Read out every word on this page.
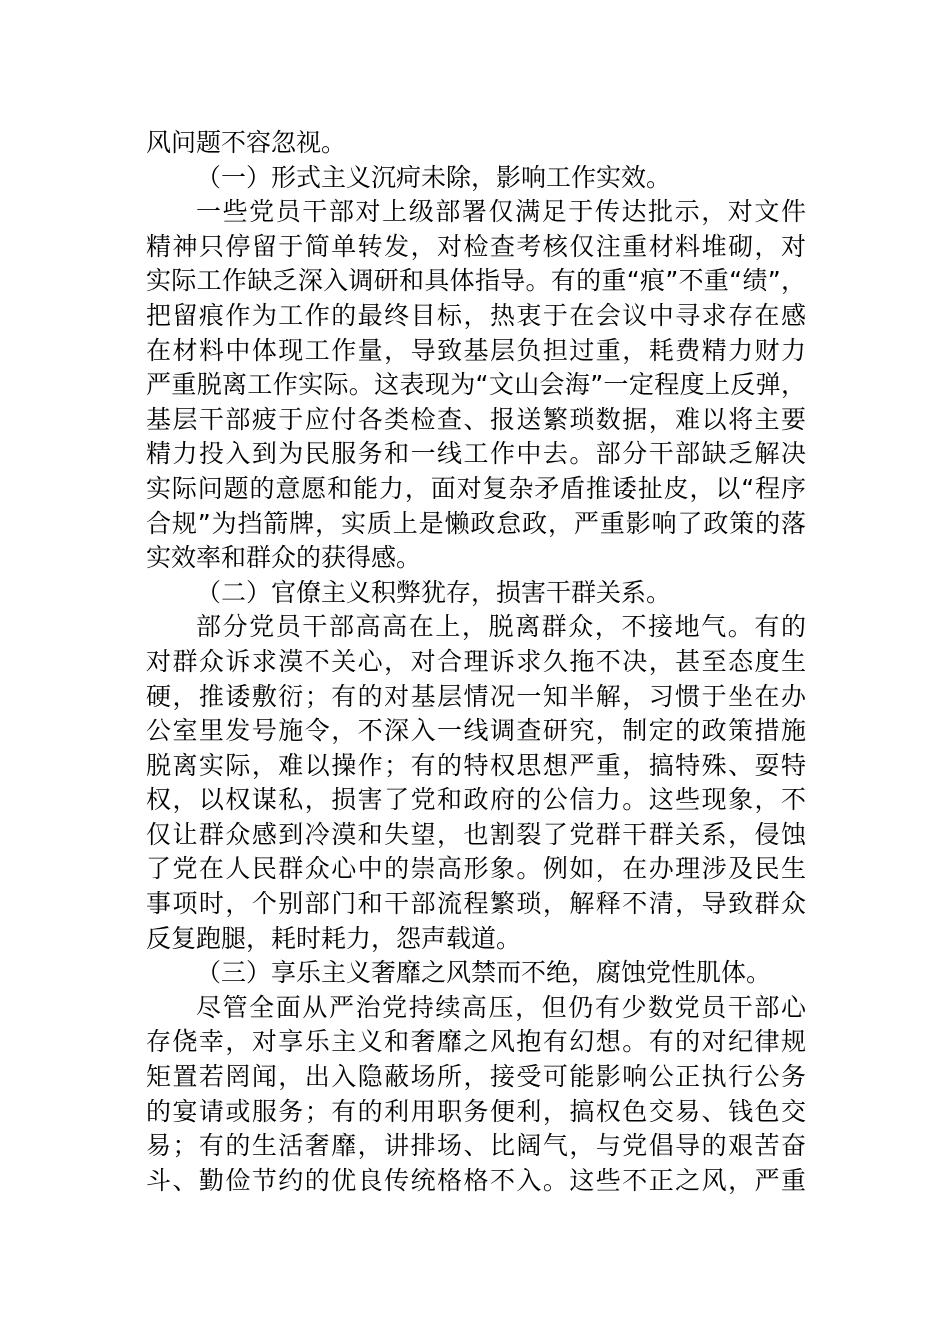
风问题不容忽视。
（一）形式主义沉疴未除，影响工作实效。
一些党员干部对上级部署仅满足于传达批示，对文件
精神只停留于简单转发，对检查考核仅注重材料堆砌，对
实际工作缺乏深入调研和具体指导。有的重“痕”不重“绩”，
把留痕作为工作的最终目标，热衷于在会议中寻求存在感
在材料中体现工作量，导致基层负担过重，耗费精力财力
严重脱离工作实际。这表现为“文山会海”一定程度上反弹，
基层干部疲于应付各类检查、报送繁琐数据，难以将主要
精力投入到为民服务和一线工作中去。部分干部缺乏解决
实际问题的意愿和能力，面对复杂矛盾推诿扯皮，以“程序
合规”为挡箭牌，实质上是懒政怠政，严重影响了政策的落
实效率和群众的获得感。
（二）官僚主义积弊犹存，损害干群关系。
部分党员干部高高在上，脱离群众，不接地气。有的
对群众诉求漠不关心，对合理诉求久拖不决，甚至态度生
硬，推诿敷衍；有的对基层情况一知半解，习惯于坐在办
公室里发号施令，不深入一线调查研究，制定的政策措施
脱离实际，难以操作；有的特权思想严重，搞特殊、耍特
权，以权谋私，损害了党和政府的公信力。这些现象，不
仅让群众感到冷漠和失望，也割裂了党群干群关系，侵蚀
了党在人民群众心中的崇高形象。例如，在办理涉及民生
事项时，个别部门和干部流程繁琐，解释不清，导致群众
反复跑腿，耗时耗力，怨声载道。
（三）享乐主义奢靡之风禁而不绝，腐蚀党性肌体。
尽管全面从严治党持续高压，但仍有少数党员干部心
存侥幸，对享乐主义和奢靡之风抱有幻想。有的对纪律规
矩置若罔闻，出入隐蔽场所，接受可能影响公正执行公务
的宴请或服务；有的利用职务便利，搞权色交易、钱色交
易；有的生活奢靡，讲排场、比阔气，与党倡导的艰苦奋
斗、勤俭节约的优良传统格格不入。这些不正之风，严重
